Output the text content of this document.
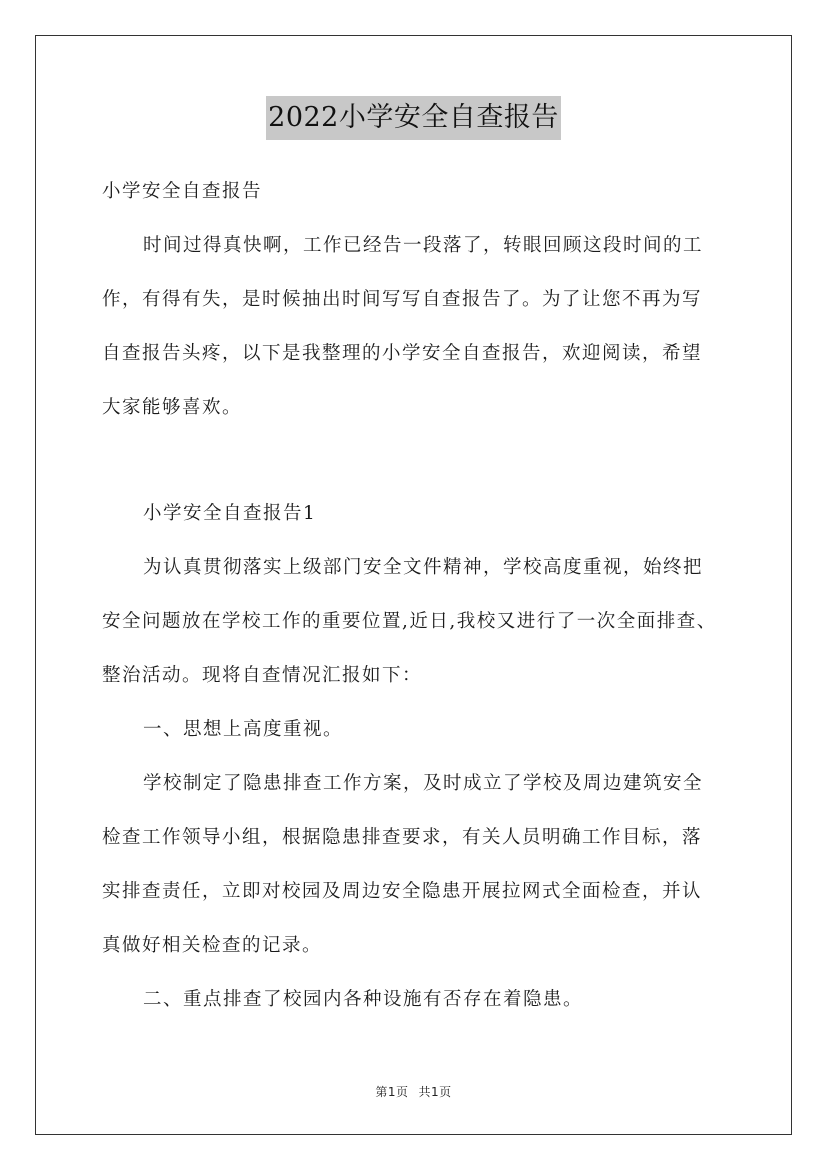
2022小学安全自查报告
小学安全自查报告
时间过得真快啊，工作已经告一段落了，转眼回顾这段时间的工
作，有得有失，是时候抽出时间写写自查报告了。为了让您不再为写
自查报告头疼，以下是我整理的小学安全自查报告，欢迎阅读，希望
大家能够喜欢。
小学安全自查报告1
为认真贯彻落实上级部门安全文件精神，学校高度重视，始终把
安全问题放在学校工作的重要位置,近日,我校又进行了一次全面排查、
整治活动。现将自查情况汇报如下：
一、思想上高度重视。
学校制定了隐患排查工作方案，及时成立了学校及周边建筑安全
检查工作领导小组，根据隐患排查要求，有关人员明确工作目标，落
实排查责任，立即对校园及周边安全隐患开展拉网式全面检查，并认
真做好相关检查的记录。
二、重点排查了校园内各种设施有否存在着隐患。
第1页 共1页
